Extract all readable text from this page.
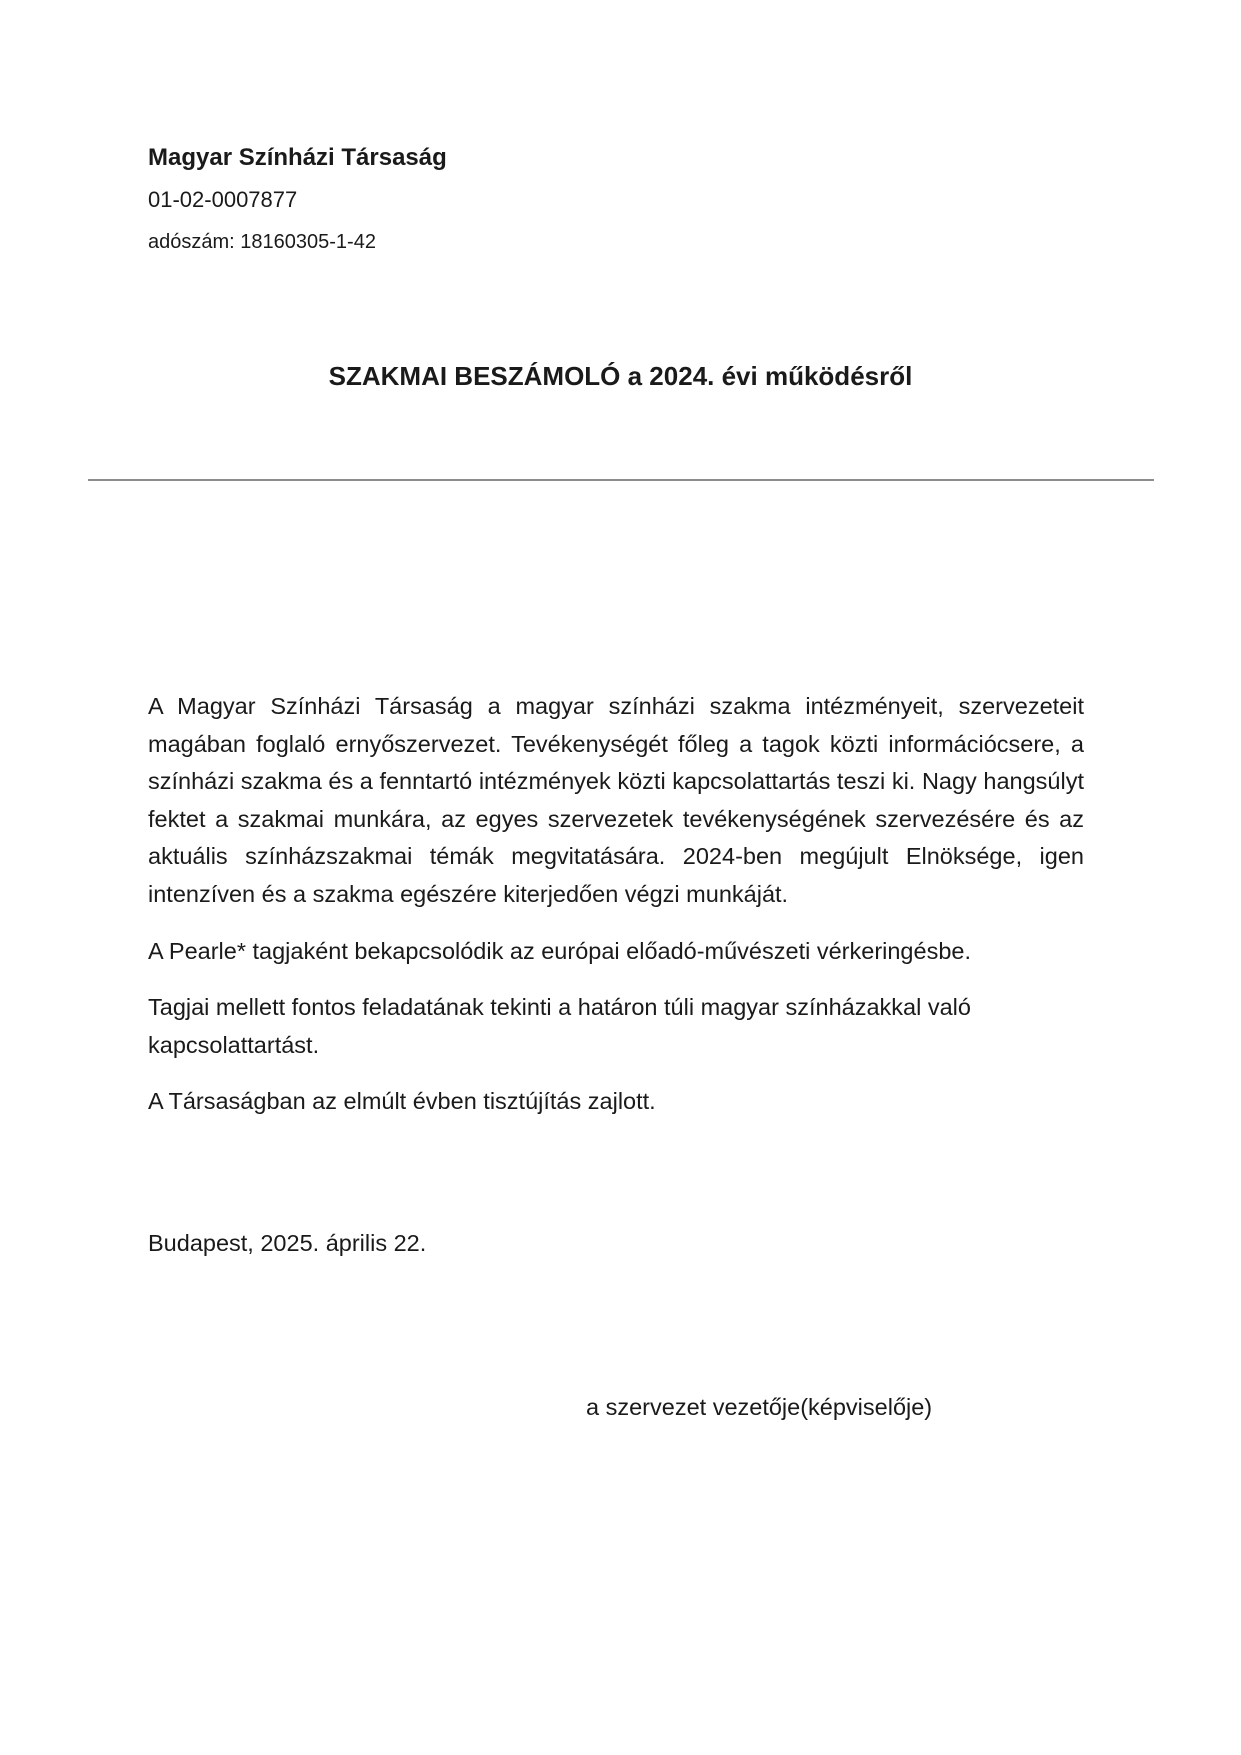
Magyar Színházi Társaság
01-02-0007877
adószám: 18160305-1-42
SZAKMAI BESZÁMOLÓ a 2024. évi működésről

A Magyar Színházi Társaság a magyar színházi szakma intézményeit, szervezeteit magában foglaló ernyőszervezet. Tevékenységét főleg a tagok közti információcsere, a színházi szakma és a fenntartó intézmények közti kapcsolattartás teszi ki. Nagy hangsúlyt fektet a szakmai munkára, az egyes szervezetek tevékenységének szervezésére és az aktuális színházszakmai témák megvitatására. 2024-ben megújult Elnöksége, igen intenzíven és a szakma egészére kiterjedően végzi munkáját.

A Pearle* tagjaként bekapcsolódik az európai előadó-művészeti vérkeringésbe.

Tagjai mellett fontos feladatának tekinti a határon túli magyar színházakkal való kapcsolattartást.

A Társaságban az elmúlt évben tisztújítás zajlott.

Budapest, 2025. április 22.
a szervezet vezetője(képviselője)
